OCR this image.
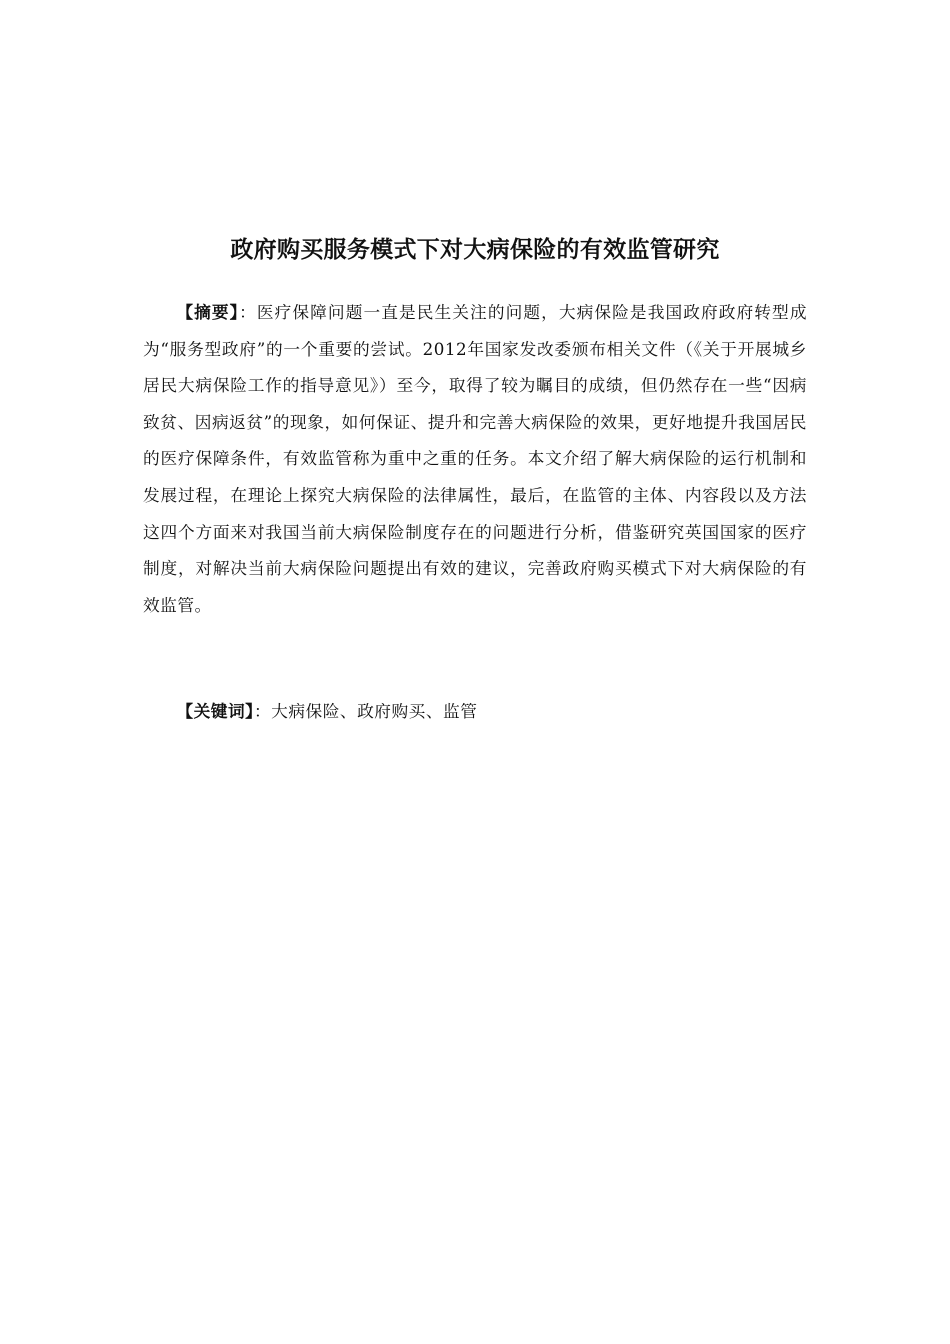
政府购买服务模式下对大病保险的有效监管研究

【摘要】：医疗保障问题一直是民生关注的问题，大病保险是我国政府政府转型成为“服务型政府”的一个重要的尝试。2012年国家发改委颁布相关文件（《关于开展城乡居民大病保险工作的指导意见》）至今，取得了较为瞩目的成绩，但仍然存在一些“因病致贫、因病返贫”的现象，如何保证、提升和完善大病保险的效果，更好地提升我国居民的医疗保障条件，有效监管称为重中之重的任务。本文介绍了解大病保险的运行机制和发展过程，在理论上探究大病保险的法律属性，最后，在监管的主体、内容段以及方法这四个方面来对我国当前大病保险制度存在的问题进行分析，借鉴研究英国国家的医疗制度，对解决当前大病保险问题提出有效的建议，完善政府购买模式下对大病保险的有效监管。

【关键词】：大病保险、政府购买、监管
